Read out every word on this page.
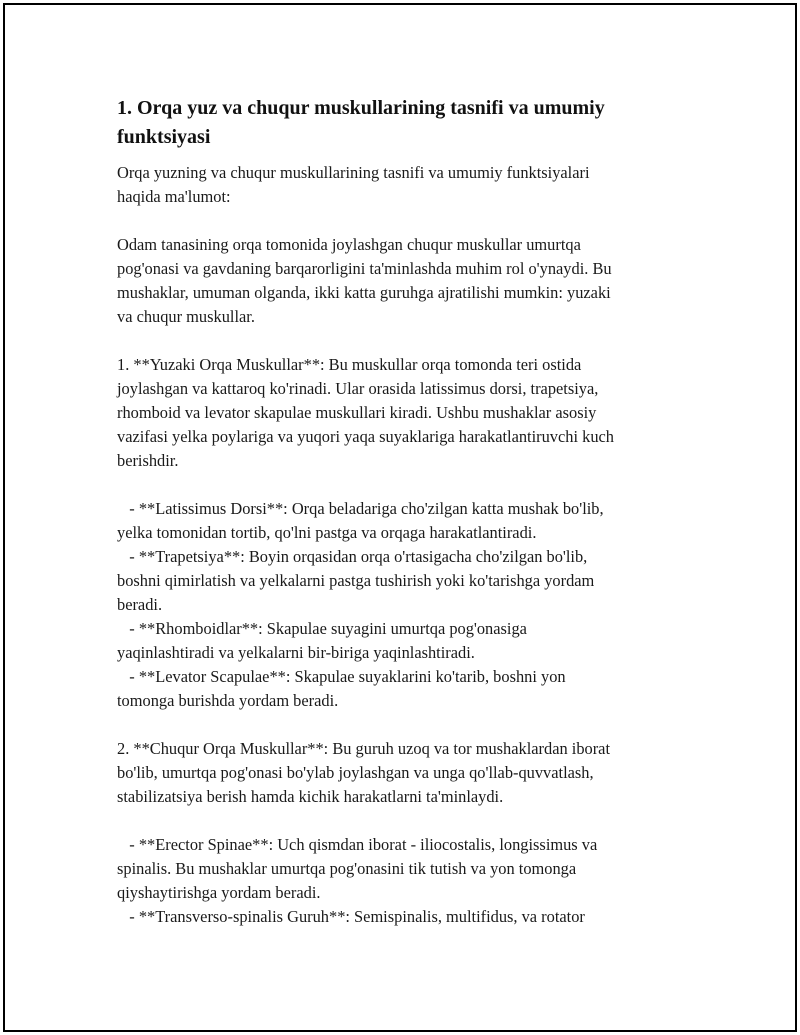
1. Orqa yuz va chuqur muskullarining tasnifi va umumiy
funktsiyasi
Orqa yuzning va chuqur muskullarining tasnifi va umumiy funktsiyalari
haqida ma'lumot:
Odam tanasining orqa tomonida joylashgan chuqur muskullar umurtqa
pog'onasi va gavdaning barqarorligini ta'minlashda muhim rol o'ynaydi. Bu
mushaklar, umuman olganda, ikki katta guruhga ajratilishi mumkin: yuzaki
va chuqur muskullar.
1. **Yuzaki Orqa Muskullar**: Bu muskullar orqa tomonda teri ostida
joylashgan va kattaroq ko'rinadi. Ular orasida latissimus dorsi, trapetsiya,
rhomboid va levator skapulae muskullari kiradi. Ushbu mushaklar asosiy
vazifasi yelka poylariga va yuqori yaqa suyaklariga harakatlantiruvchi kuch
berishdir.
- **Latissimus Dorsi**: Orqa beladariga cho'zilgan katta mushak bo'lib,
yelka tomonidan tortib, qo'lni pastga va orqaga harakatlantiradi.
- **Trapetsiya**: Boyin orqasidan orqa o'rtasigacha cho'zilgan bo'lib,
boshni qimirlatish va yelkalarni pastga tushirish yoki ko'tarishga yordam
beradi.
- **Rhomboidlar**: Skapulae suyagini umurtqa pog'onasiga
yaqinlashtiradi va yelkalarni bir-biriga yaqinlashtiradi.
- **Levator Scapulae**: Skapulae suyaklarini ko'tarib, boshni yon
tomonga burishda yordam beradi.
2. **Chuqur Orqa Muskullar**: Bu guruh uzoq va tor mushaklardan iborat
bo'lib, umurtqa pog'onasi bo'ylab joylashgan va unga qo'llab-quvvatlash,
stabilizatsiya berish hamda kichik harakatlarni ta'minlaydi.
- **Erector Spinae**: Uch qismdan iborat - iliocostalis, longissimus va
spinalis. Bu mushaklar umurtqa pog'onasini tik tutish va yon tomonga
qiyshaytirishga yordam beradi.
- **Transverso-spinalis Guruh**: Semispinalis, multifidus, va rotator
